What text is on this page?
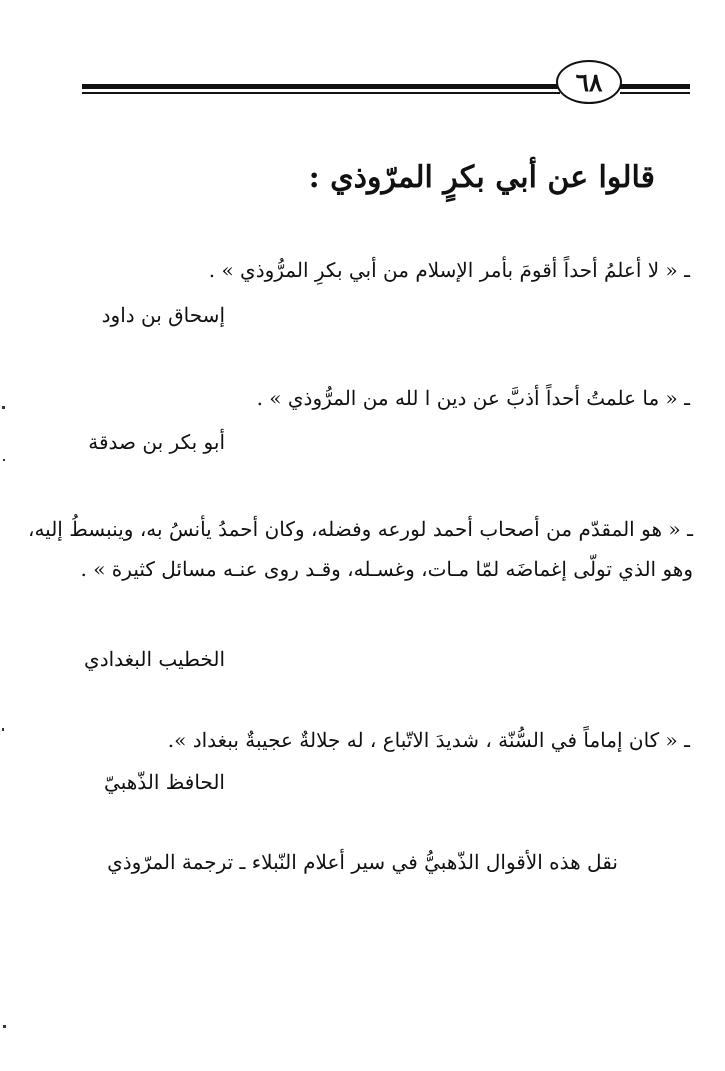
٦٨
قالوا عن أبي بكرٍ المرّوذي :
ـ « لا أعلمُ أحداً أقومَ بأمر الإسلام من أبي بكرِ المرُّوذي » .
إسحاق بن داود
ـ « ما علمتُ أحداً أذبَّ عن دين ا لله من المرُّوذي » .
أبو بكر بن صدقة
ـ « هو المقدّم من أصحاب أحمد لورعه وفضله، وكان أحمدُ يأنسُ به، وينبسطُ إليه، وهو الذي تولّى إغماضَه لمّا مـات، وغسـله، وقـد روى عنـه مسائل كثيرة » .
الخطيب البغدادي
ـ « كان إماماً في السُّنّة ، شديدَ الاتّباع ، له جلالةٌ عجيبةٌ ببغداد ».
الحافظ الذّهبيّ
نقل هذه الأقوال الذّهبيُّ في سير أعلام النّبلاء ـ ترجمة المرّوذي
